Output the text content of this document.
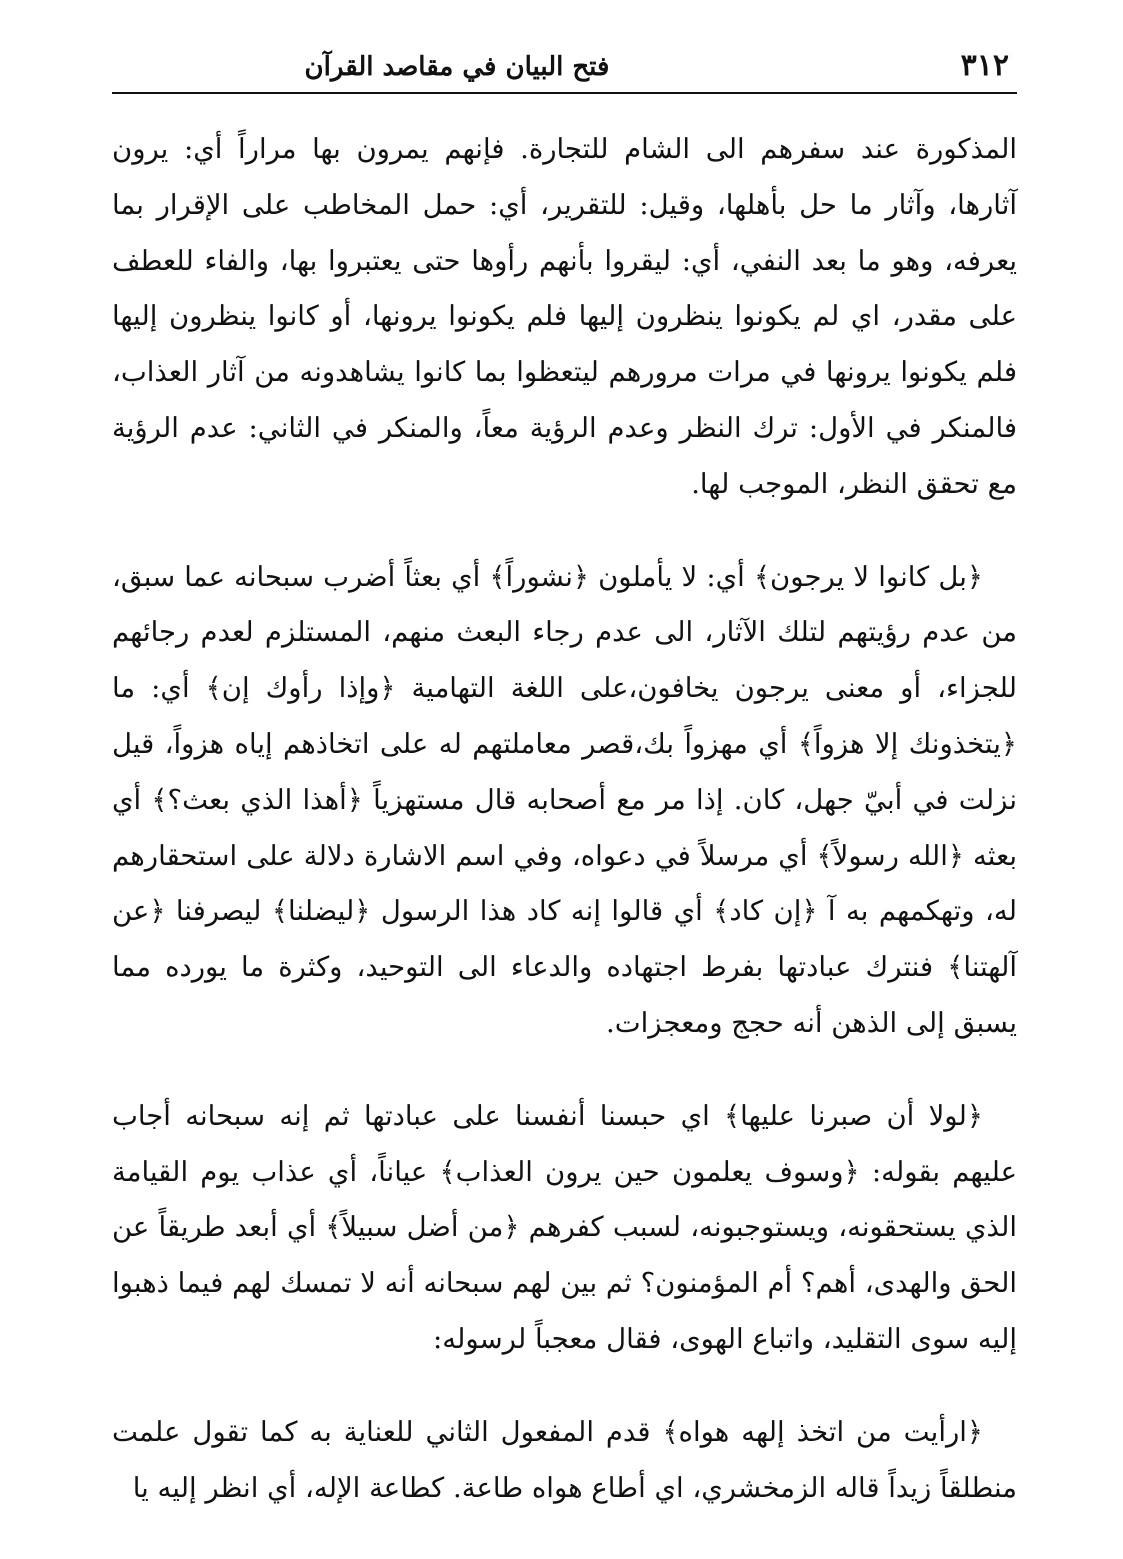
٣١٢
فتح البيان في مقاصد القرآن

المذكورة عند سفرهم الى الشام للتجارة. فإنهم يمرون بها مراراً أي: يرون آثارها، وآثار ما حل بأهلها، وقيل: للتقرير، أي: حمل المخاطب على الإقرار بما يعرفه، وهو ما بعد النفي، أي: ليقروا بأنهم رأوها حتى يعتبروا بها، والفاء للعطف على مقدر، اي لم يكونوا ينظرون إليها فلم يكونوا يرونها، أو كانوا ينظرون إليها فلم يكونوا يرونها في مرات مرورهم ليتعظوا بما كانوا يشاهدونه من آثار العذاب، فالمنكر في الأول: ترك النظر وعدم الرؤية معاً، والمنكر في الثاني: عدم الرؤية مع تحقق النظر، الموجب لها.

﴿بل كانوا لا يرجون﴾ أي: لا يأملون ﴿نشوراً﴾ أي بعثاً أضرب سبحانه عما سبق، من عدم رؤيتهم لتلك الآثار، الى عدم رجاء البعث منهم، المستلزم لعدم رجائهم للجزاء، أو معنى يرجون يخافون،على اللغة التهامية ﴿وإذا رأوك إن﴾ أي: ما ﴿يتخذونك إلا هزواً﴾ أي مهزواً بك،قصر معاملتهم له على اتخاذهم إياه هزواً، قيل نزلت في أبيّ جهل، كان. إذا مر مع أصحابه قال مستهزياً ﴿أهذا الذي بعث؟﴾ أي بعثه ﴿الله رسولاً﴾ أي مرسلاً في دعواه، وفي اسم الاشارة دلالة على استحقارهم له، وتهكمهم به آ ﴿إن كاد﴾ أي قالوا إنه كاد هذا الرسول ﴿ليضلنا﴾ ليصرفنا ﴿عن آلهتنا﴾ فنترك عبادتها بفرط اجتهاده والدعاء الى التوحيد، وكثرة ما يورده مما يسبق إلى الذهن أنه حجج ومعجزات.

﴿لولا أن صبرنا عليها﴾ اي حبسنا أنفسنا على عبادتها ثم إنه سبحانه أجاب عليهم بقوله: ﴿وسوف يعلمون حين يرون العذاب﴾ عياناً، أي عذاب يوم القيامة الذي يستحقونه، ويستوجبونه، لسبب كفرهم ﴿من أضل سبيلاً﴾ أي أبعد طريقاً عن الحق والهدى، أهم؟ أم المؤمنون؟ ثم بين لهم سبحانه أنه لا تمسك لهم فيما ذهبوا إليه سوى التقليد، واتباع الهوى، فقال معجباً لرسوله:

﴿ارأيت من اتخذ إلهه هواه﴾ قدم المفعول الثاني للعناية به كما تقول علمت منطلقاً زيداً قاله الزمخشري، اي أطاع هواه طاعة. كطاعة الإله، أي انظر إليه يا
